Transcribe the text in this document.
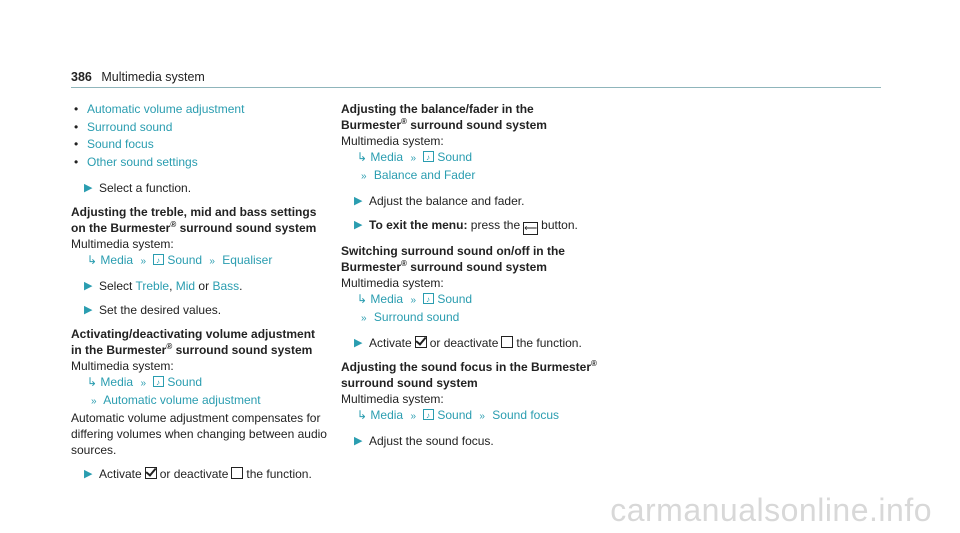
386 Multimedia system
• Automatic volume adjustment
• Surround sound
• Sound focus
• Other sound settings
▶ Select a function.
Adjusting the treble, mid and bass settings
on the Burmester® surround sound system
Multimedia system:
↳ Media » ♪ Sound » Equaliser
▶ Select Treble, Mid or Bass.
▶ Set the desired values.
Activating/deactivating volume adjustment
in the Burmester® surround sound system
Multimedia system:
↳ Media » ♪ Sound
» Automatic volume adjustment
Automatic volume adjustment compensates for differing volumes when changing between audio sources.
▶ Activate or deactivate the function.
Adjusting the balance/fader in the
Burmester® surround sound system
Multimedia system:
↳ Media » ♪ Sound
» Balance and Fader
▶ Adjust the balance and fader.
▶ To exit the menu: press the ⟵ button.
Switching surround sound on/off in the
Burmester® surround sound system
Multimedia system:
↳ Media » ♪ Sound
» Surround sound
▶ Activate or deactivate the function.
Adjusting the sound focus in the Burmester®
surround sound system
Multimedia system:
↳ Media » ♪ Sound » Sound focus
▶ Adjust the sound focus.
carmanualsonline.info
